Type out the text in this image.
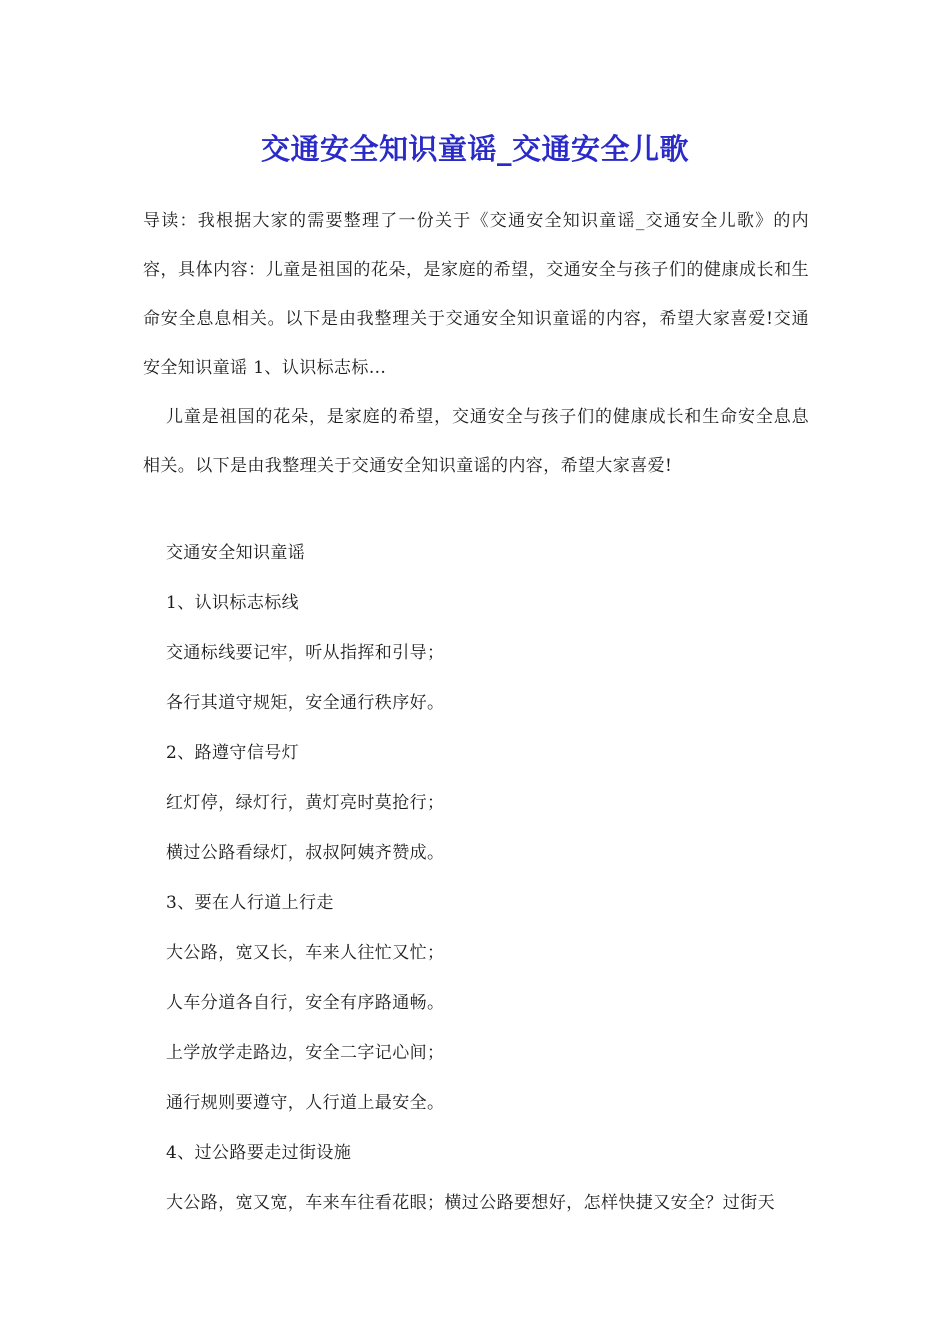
交通安全知识童谣_交通安全儿歌

导读：我根据大家的需要整理了一份关于《交通安全知识童谣_交通安全儿歌》的内容，具体内容：儿童是祖国的花朵，是家庭的希望，交通安全与孩子们的健康成长和生命安全息息相关。以下是由我整理关于交通安全知识童谣的内容，希望大家喜爱!交通安全知识童谣 1、认识标志标...

儿童是祖国的花朵，是家庭的希望，交通安全与孩子们的健康成长和生命安全息息相关。以下是由我整理关于交通安全知识童谣的内容，希望大家喜爱!

交通安全知识童谣

1、认识标志标线

交通标线要记牢，听从指挥和引导；

各行其道守规矩，安全通行秩序好。

2、路遵守信号灯

红灯停，绿灯行，黄灯亮时莫抢行；

横过公路看绿灯，叔叔阿姨齐赞成。

3、要在人行道上行走

大公路，宽又长，车来人往忙又忙；

人车分道各自行，安全有序路通畅。

上学放学走路边，安全二字记心间；

通行规则要遵守，人行道上最安全。

4、过公路要走过街设施

大公路，宽又宽，车来车往看花眼；横过公路要想好，怎样快捷又安全？过街天
